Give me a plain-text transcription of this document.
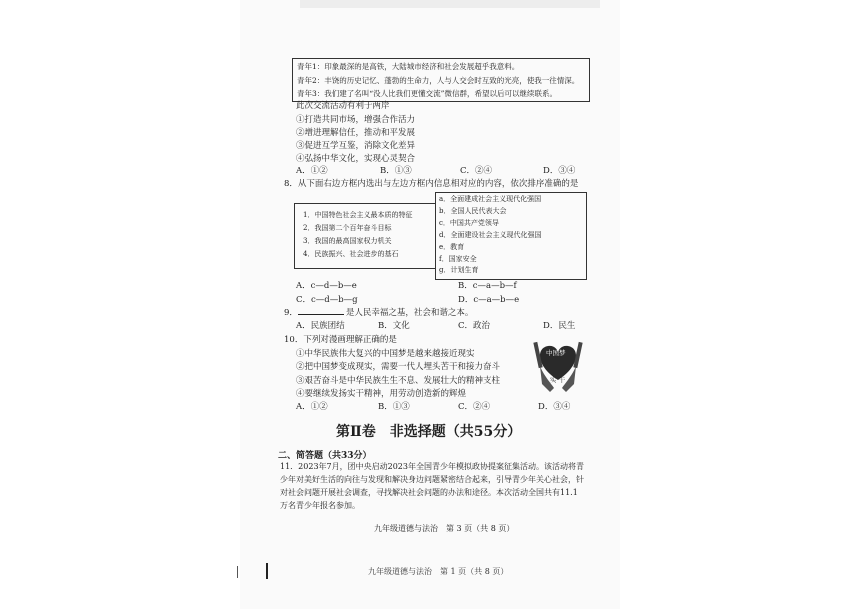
青年1：印象最深的是高铁，大陆城市经济和社会发展超乎我意料。
青年2：丰饶的历史记忆、蓬勃的生命力，人与人交会时互致的光亮，使我一往情深。
青年3：我们建了名叫“没人比我们更懂交流”微信群，希望以后可以继续联系。
此次交流活动有利于两岸
①打造共同市场，增强合作活力
②增进理解信任，推动和平发展
③促进互学互鉴，消除文化差异
④弘扬中华文化，实现心灵契合
A．①②	B．①③	C．②④	D．③④
8．从下面右边方框内选出与左边方框内信息相对应的内容，依次排序准确的是
1．中国特色社会主义最本质的特征
2．我国第二个百年奋斗目标
3．我国的最高国家权力机关
4．民族振兴、社会进步的基石
a．全面建成社会主义现代化强国
b．全国人民代表大会
c．中国共产党领导
d．全面建设社会主义现代化强国
e．教育
f．国家安全
g．计划生育
A．c—d—b—e	B．c—a—b—f
C．c—d—b—g	D．c—a—b—e
9．	是人民幸福之基，社会和谐之本。
A．民族团结	B．文化	C．政治	D．民生
10．下列对漫画理解正确的是
①中华民族伟大复兴的中国梦是越来越接近现实
②把中国梦变成现实，需要一代人埋头苦干和接力奋斗
③艰苦奋斗是中华民族生生不息、发展壮大的精神支柱
④要继续发扬实干精神，用劳动创造新的辉煌
A．①②	B．①③	C．②④	D．③④
中国梦
实 干
第Ⅱ卷　非选择题（共55分）
二、简答题（共33分）
11．2023年7月，团中央启动2023年全国青少年模拟政协提案征集活动。该活动将青
少年对美好生活的向往与发现和解决身边问题紧密结合起来，引导青少年关心社会，针
对社会问题开展社会调查，寻找解决社会问题的办法和途径。本次活动全国共有11.1
万名青少年报名参加。
九年级道德与法治　第 3 页（共 8 页）
九年级道德与法治　第 1 页（共 8 页）
